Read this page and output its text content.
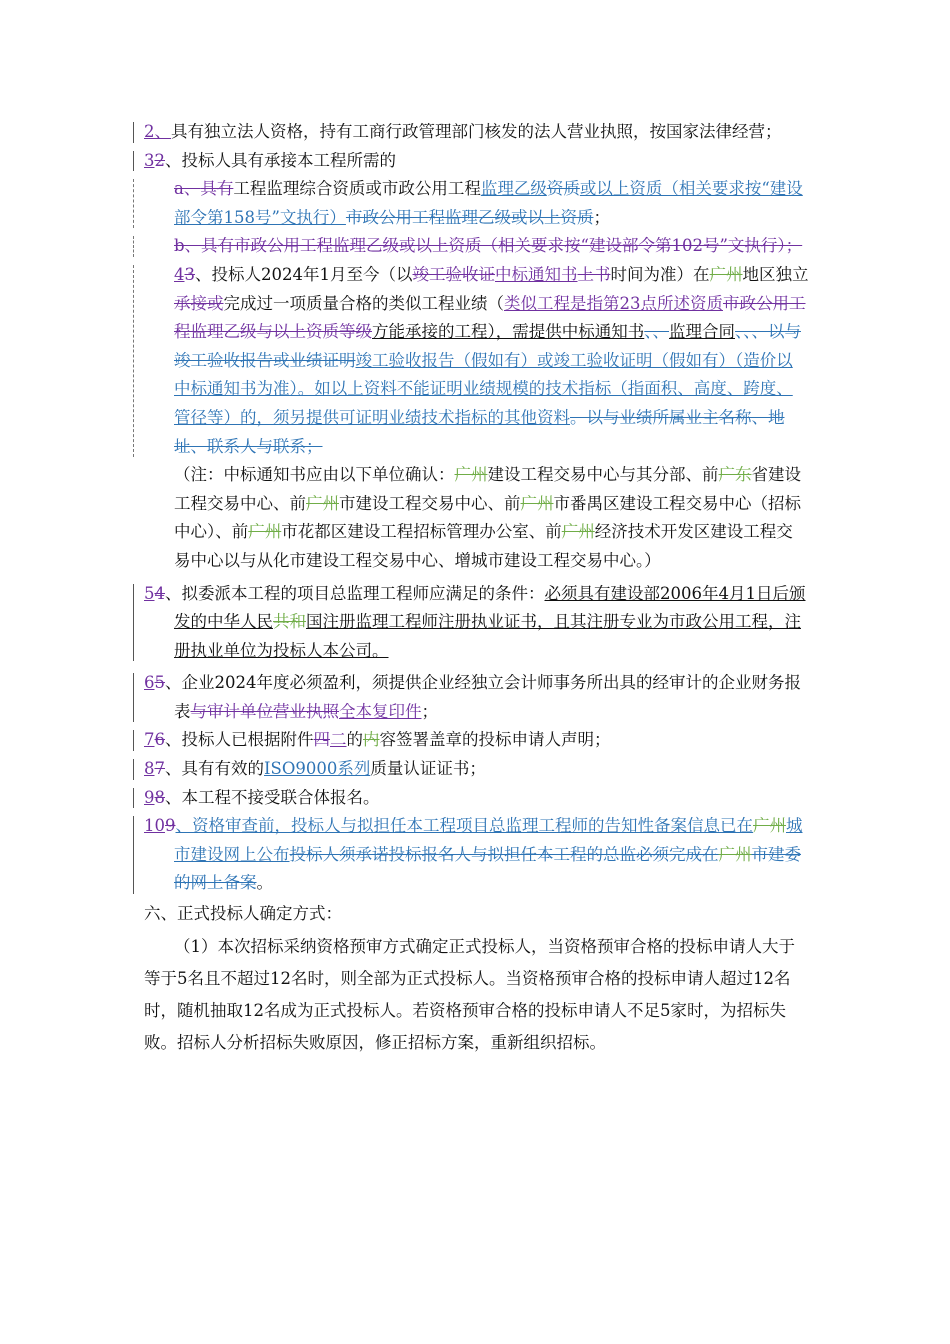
2、具有独立法人资格，持有工商行政管理部门核发的法人营业执照，按国家法律经营；
32、投标人具有承接本工程所需的
a、具有工程监理综合资质或市政公用工程监理乙级资质或以上资质（相关要求按“建设部令第158号”文执行）市政公用工程监理乙级或以上资质；
b、具有市政公用工程监理乙级或以上资质（相关要求按“建设部令第102号”文执行）；
43、投标人2024年1月至今（以竣工验收证中标通知书上书时间为准）在广州地区独立承接或完成过一项质量合格的类似工程业绩（类似工程是指第23点所述资质市政公用工程监理乙级与以上资质等级方能承接的工程），需提供中标通知书、、监理合同、、、以与竣工验收报告或业绩证明竣工验收报告（假如有）或竣工验收证明（假如有）（造价以中标通知书为准）。如以上资料不能证明业绩规模的技术指标（指面积、高度、跨度、管径等）的，须另提供可证明业绩技术指标的其他资料。以与业绩所属业主名称、地址、联系人与联系；
（注：中标通知书应由以下单位确认：广州建设工程交易中心与其分部、前广东省建设工程交易中心、前广州市建设工程交易中心、前广州市番禺区建设工程交易中心（招标中心）、前广州市花都区建设工程招标管理办公室、前广州经济技术开发区建设工程交易中心以与从化市建设工程交易中心、增城市建设工程交易中心。）
54、拟委派本工程的项目总监理工程师应满足的条件：必须具有建设部2006年4月1日后颁发的中华人民共和国注册监理工程师注册执业证书，且其注册专业为市政公用工程，注册执业单位为投标人本公司。
65、企业2024年度必须盈利，须提供企业经独立会计师事务所出具的经审计的企业财务报表与审计单位营业执照全本复印件；
76、投标人已根据附件四二的内容签署盖章的投标申请人声明；
87、具有有效的ISO9000系列质量认证证书；
98、本工程不接受联合体报名。
109、资格审查前，投标人与拟担任本工程项目总监理工程师的告知性备案信息已在广州城市建设网上公布投标人须承诺投标报名人与拟担任本工程的总监必须完成在广州市建委的网上备案。
六、正式投标人确定方式：
（1）本次招标采纳资格预审方式确定正式投标人，当资格预审合格的投标申请人大于等于5名且不超过12名时，则全部为正式投标人。当资格预审合格的投标申请人超过12名时，随机抽取12名成为正式投标人。若资格预审合格的投标申请人不足5家时，为招标失败。招标人分析招标失败原因，修正招标方案，重新组织招标。
